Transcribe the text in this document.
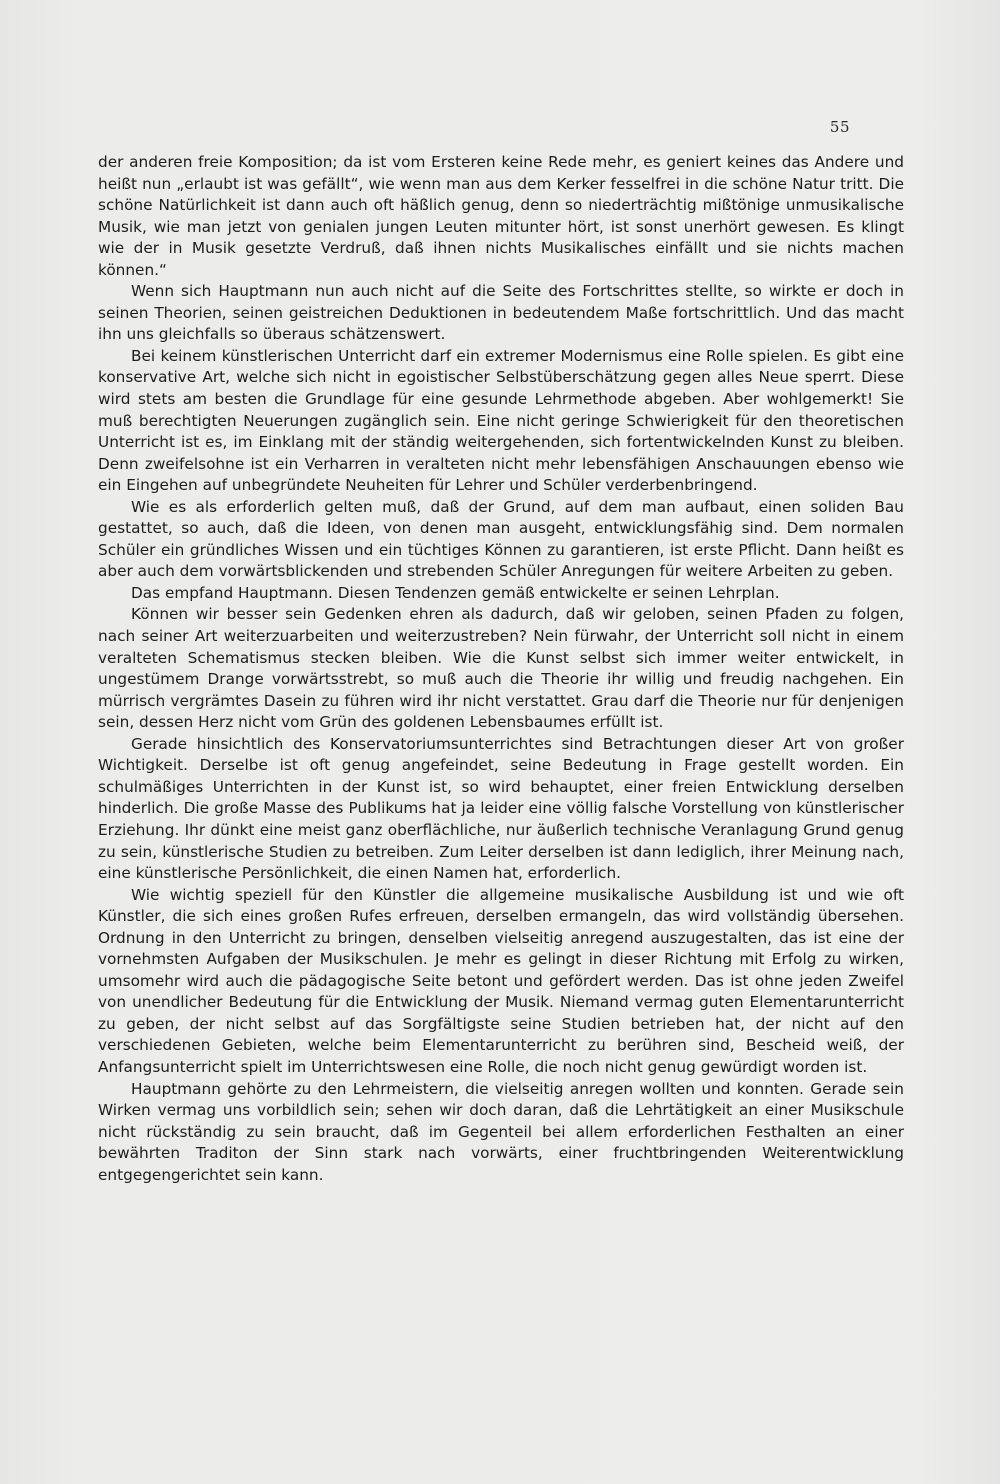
55

der anderen freie Komposition; da ist vom Ersteren keine Rede mehr, es geniert keines das Andere und heißt nun „erlaubt ist was gefällt“, wie wenn man aus dem Kerker fesselfrei in die schöne Natur tritt. Die schöne Natürlichkeit ist dann auch oft häßlich genug, denn so niederträchtig mißtönige unmusikalische Musik, wie man jetzt von genialen jungen Leuten mitunter hört, ist sonst unerhört gewesen. Es klingt wie der in Musik gesetzte Verdruß, daß ihnen nichts Musikalisches einfällt und sie nichts machen können.“

Wenn sich Hauptmann nun auch nicht auf die Seite des Fortschrittes stellte, so wirkte er doch in seinen Theorien, seinen geistreichen Deduktionen in bedeutendem Maße fortschrittlich. Und das macht ihn uns gleichfalls so überaus schätzenswert.

Bei keinem künstlerischen Unterricht darf ein extremer Modernismus eine Rolle spielen. Es gibt eine konservative Art, welche sich nicht in egoistischer Selbstüberschätzung gegen alles Neue sperrt. Diese wird stets am besten die Grundlage für eine gesunde Lehrmethode abgeben. Aber wohlgemerkt! Sie muß berechtigten Neuerungen zugänglich sein. Eine nicht geringe Schwierigkeit für den theoretischen Unterricht ist es, im Einklang mit der ständig weitergehenden, sich fortentwickelnden Kunst zu bleiben. Denn zweifelsohne ist ein Verharren in veralteten nicht mehr lebensfähigen Anschauungen ebenso wie ein Eingehen auf unbegründete Neuheiten für Lehrer und Schüler verderbenbringend.

Wie es als erforderlich gelten muß, daß der Grund, auf dem man aufbaut, einen soliden Bau gestattet, so auch, daß die Ideen, von denen man ausgeht, entwicklungsfähig sind. Dem normalen Schüler ein gründliches Wissen und ein tüchtiges Können zu garantieren, ist erste Pflicht. Dann heißt es aber auch dem vorwärtsblickenden und strebenden Schüler Anregungen für weitere Arbeiten zu geben.

Das empfand Hauptmann. Diesen Tendenzen gemäß entwickelte er seinen Lehrplan.

Können wir besser sein Gedenken ehren als dadurch, daß wir geloben, seinen Pfaden zu folgen, nach seiner Art weiterzuarbeiten und weiterzustreben? Nein fürwahr, der Unterricht soll nicht in einem veralteten Schematismus stecken bleiben. Wie die Kunst selbst sich immer weiter entwickelt, in ungestümem Drange vorwärtsstrebt, so muß auch die Theorie ihr willig und freudig nachgehen. Ein mürrisch vergrämtes Dasein zu führen wird ihr nicht verstattet. Grau darf die Theorie nur für denjenigen sein, dessen Herz nicht vom Grün des goldenen Lebensbaumes erfüllt ist.

Gerade hinsichtlich des Konservatoriumsunterrichtes sind Betrachtungen dieser Art von großer Wichtigkeit. Derselbe ist oft genug angefeindet, seine Bedeutung in Frage gestellt worden. Ein schulmäßiges Unterrichten in der Kunst ist, so wird behauptet, einer freien Entwicklung derselben hinderlich. Die große Masse des Publikums hat ja leider eine völlig falsche Vorstellung von künstlerischer Erziehung. Ihr dünkt eine meist ganz oberflächliche, nur äußerlich technische Veranlagung Grund genug zu sein, künstlerische Studien zu betreiben. Zum Leiter derselben ist dann lediglich, ihrer Meinung nach, eine künstlerische Persönlichkeit, die einen Namen hat, erforderlich.

Wie wichtig speziell für den Künstler die allgemeine musikalische Ausbildung ist und wie oft Künstler, die sich eines großen Rufes erfreuen, derselben ermangeln, das wird vollständig übersehen. Ordnung in den Unterricht zu bringen, denselben vielseitig anregend auszugestalten, das ist eine der vornehmsten Aufgaben der Musikschulen. Je mehr es gelingt in dieser Richtung mit Erfolg zu wirken, umsomehr wird auch die pädagogische Seite betont und gefördert werden. Das ist ohne jeden Zweifel von unendlicher Bedeutung für die Entwicklung der Musik. Niemand vermag guten Elementarunterricht zu geben, der nicht selbst auf das Sorgfältigste seine Studien betrieben hat, der nicht auf den verschiedenen Gebieten, welche beim Elementarunterricht zu berühren sind, Bescheid weiß, der Anfangsunterricht spielt im Unterrichtswesen eine Rolle, die noch nicht genug gewürdigt worden ist.

Hauptmann gehörte zu den Lehrmeistern, die vielseitig anregen wollten und konnten. Gerade sein Wirken vermag uns vorbildlich sein; sehen wir doch daran, daß die Lehrtätigkeit an einer Musikschule nicht rückständig zu sein braucht, daß im Gegenteil bei allem erforderlichen Festhalten an einer bewährten Traditon der Sinn stark nach vorwärts, einer fruchtbringenden Weiterentwicklung entgegengerichtet sein kann.
